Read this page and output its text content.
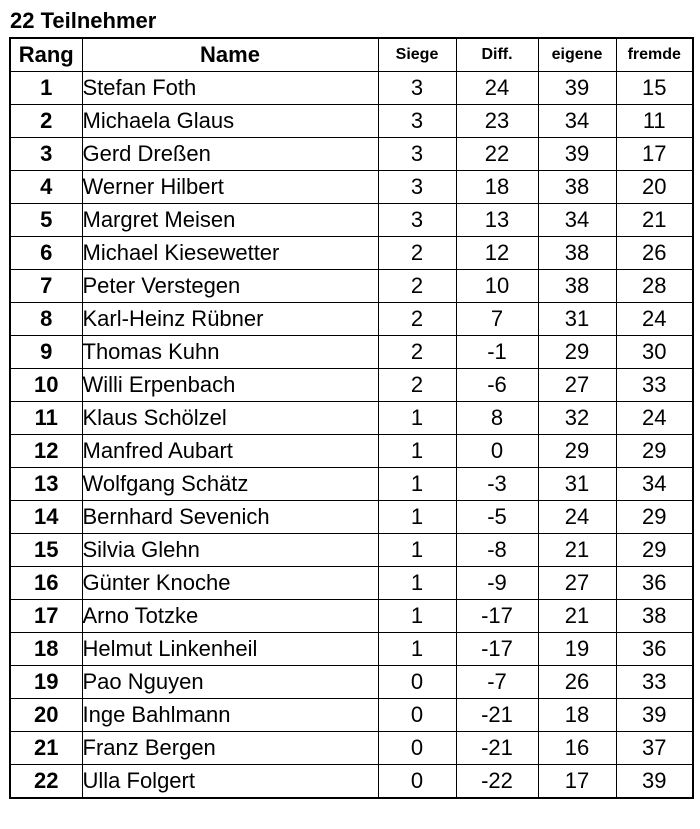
22 Teilnehmer
Rang	Name	Siege	Diff.	eigene	fremde
1	Stefan Foth	3	24	39	15
2	Michaela Glaus	3	23	34	11
3	Gerd Dreßen	3	22	39	17
4	Werner Hilbert	3	18	38	20
5	Margret Meisen	3	13	34	21
6	Michael Kiesewetter	2	12	38	26
7	Peter Verstegen	2	10	38	28
8	Karl-Heinz Rübner	2	7	31	24
9	Thomas Kuhn	2	-1	29	30
10	Willi Erpenbach	2	-6	27	33
11	Klaus Schölzel	1	8	32	24
12	Manfred Aubart	1	0	29	29
13	Wolfgang Schätz	1	-3	31	34
14	Bernhard Sevenich	1	-5	24	29
15	Silvia Glehn	1	-8	21	29
16	Günter Knoche	1	-9	27	36
17	Arno Totzke	1	-17	21	38
18	Helmut Linkenheil	1	-17	19	36
19	Pao Nguyen	0	-7	26	33
20	Inge Bahlmann	0	-21	18	39
21	Franz Bergen	0	-21	16	37
22	Ulla Folgert	0	-22	17	39
